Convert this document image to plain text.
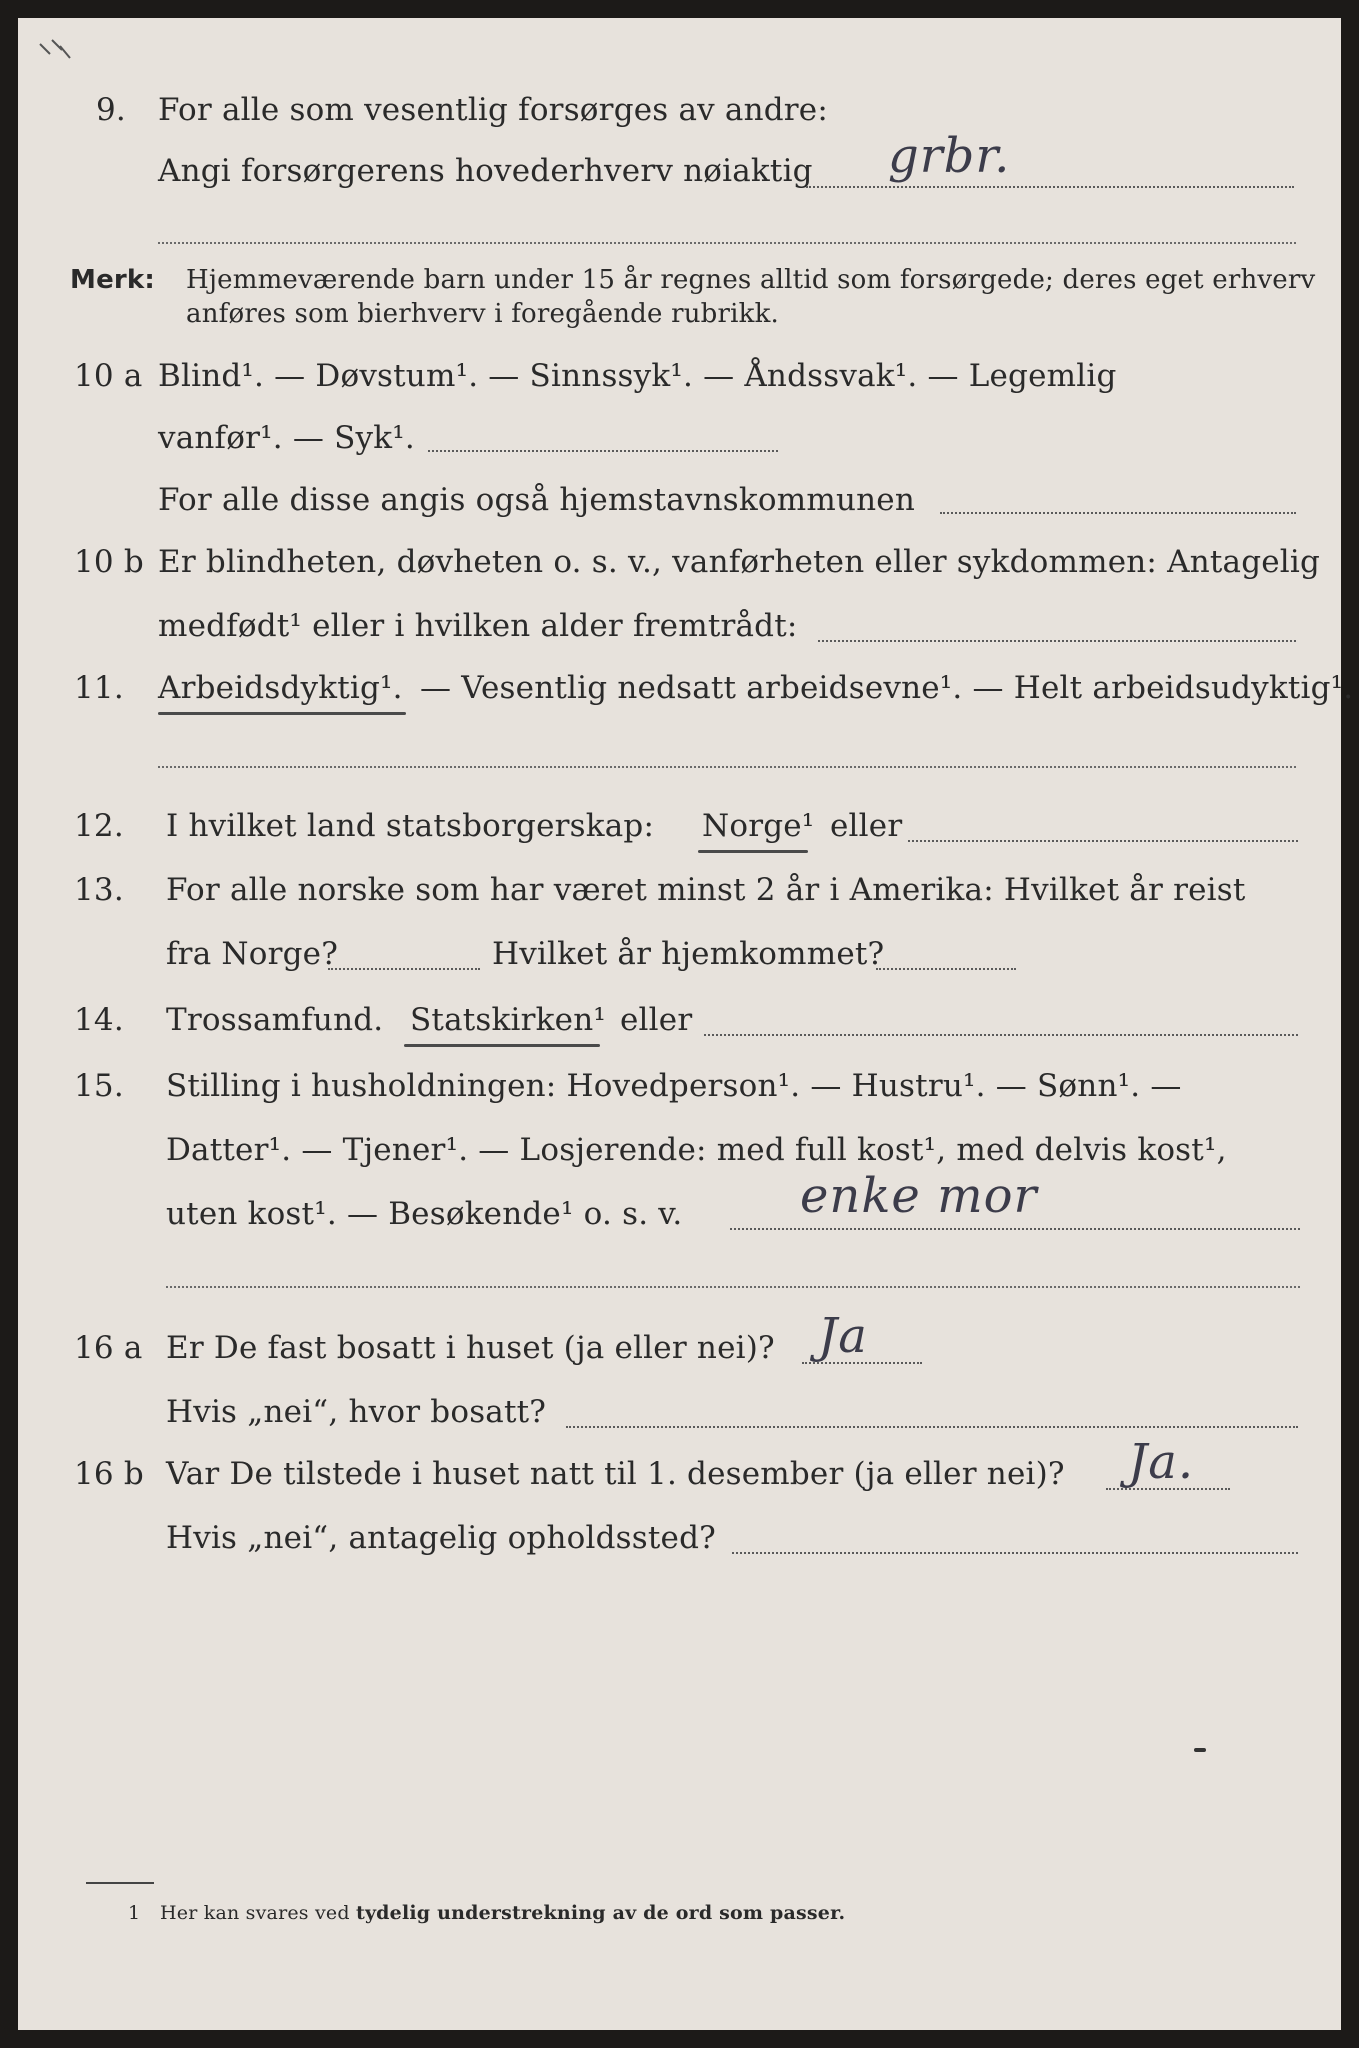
9. For alle som vesentlig forsørges av andre:
Angi forsørgerens hovederhverv nøiaktig grbr.
Merk: Hjemmeværende barn under 15 år regnes alltid som forsørgede; deres eget erhverv
anføres som bierhverv i foregående rubrikk.
10 a Blind¹. — Døvstum¹. — Sinnssyk¹. — Åndssvak¹. — Legemlig
vanfør¹. — Syk¹.
For alle disse angis også hjemstavnskommunen
10 b Er blindheten, døvheten o. s. v., vanførheten eller sykdommen: Antagelig
medfødt¹ eller i hvilken alder fremtrådt:
11. Arbeidsdyktig¹. — Vesentlig nedsatt arbeidsevne¹. — Helt arbeidsudyktig¹.
12. I hvilket land statsborgerskap: Norge¹ eller
13. For alle norske som har været minst 2 år i Amerika: Hvilket år reist
fra Norge?	Hvilket år hjemkommet?
14. Trossamfund. Statskirken¹ eller
15. Stilling i husholdningen: Hovedperson¹. — Hustru¹. — Sønn¹. —
Datter¹. — Tjener¹. — Losjerende: med full kost¹, med delvis kost¹,
uten kost¹. — Besøkende¹ o. s. v. enke mor
16 a Er De fast bosatt i huset (ja eller nei)? Ja
Hvis „nei“, hvor bosatt?
16 b Var De tilstede i huset natt til 1. desember (ja eller nei)? Ja.
Hvis „nei“, antagelig opholdssted?
1 Her kan svares ved tydelig understrekning av de ord som passer.
